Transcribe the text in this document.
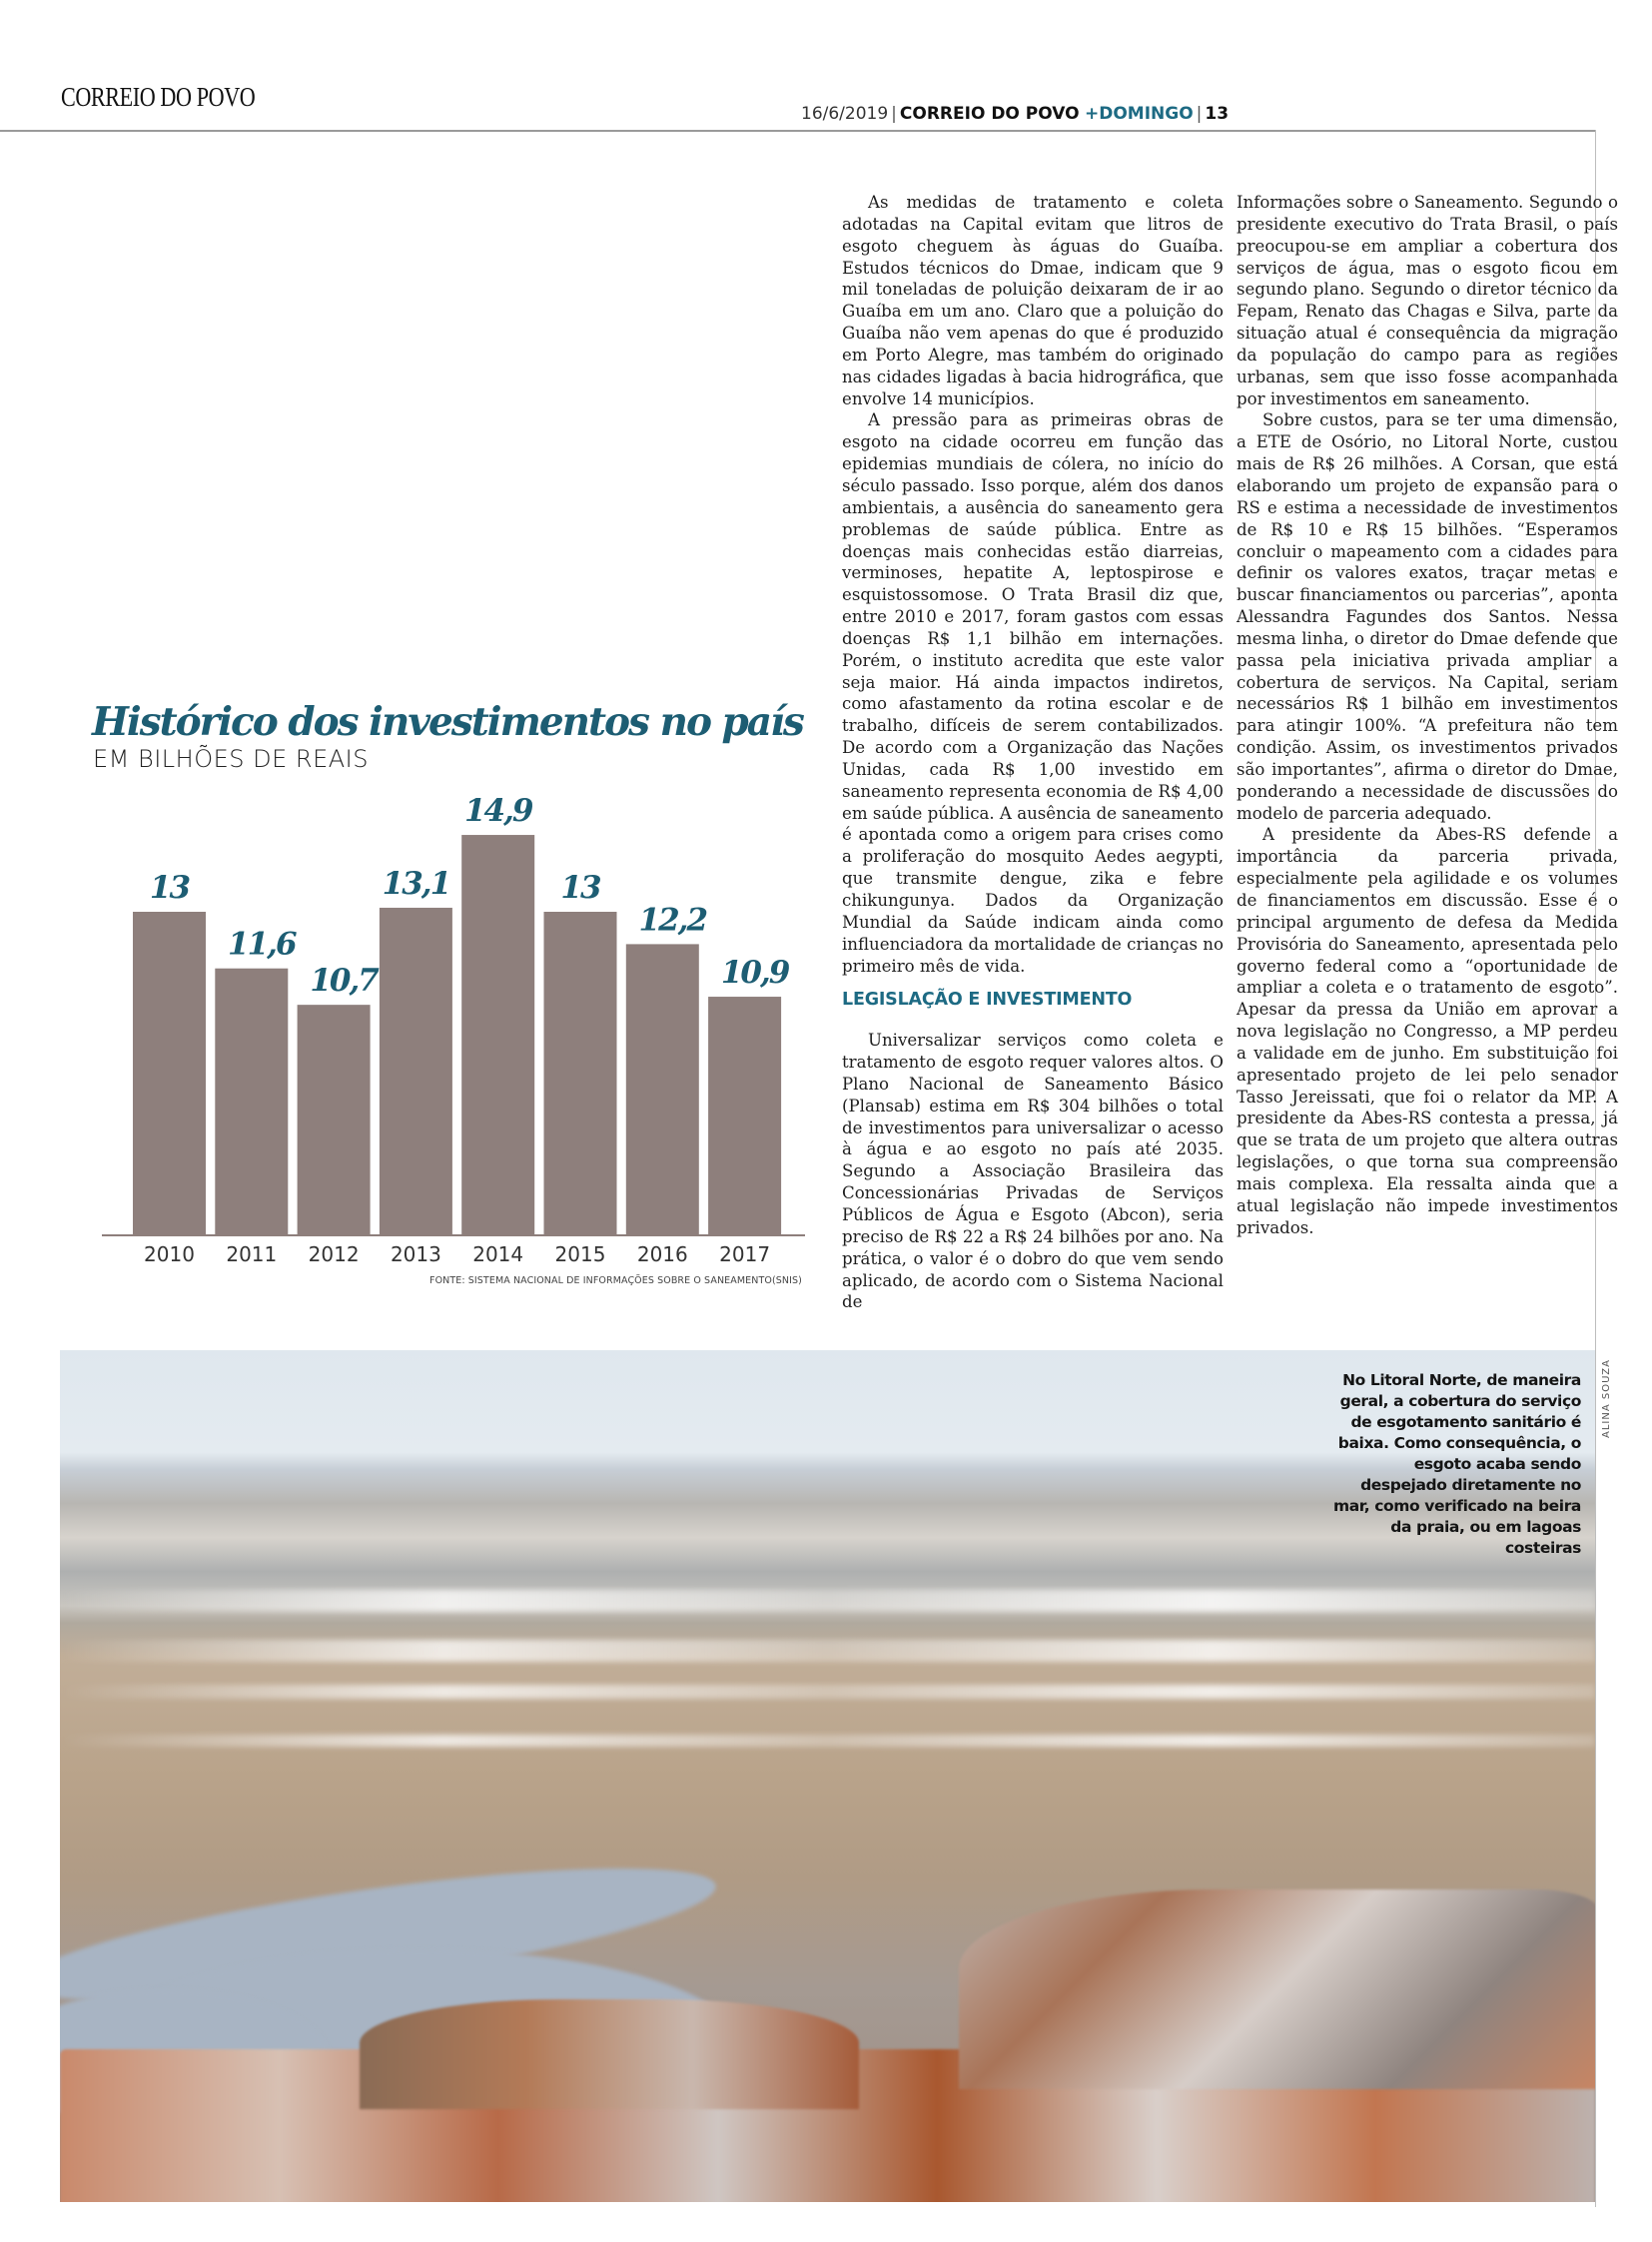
CORREIO DO POVO
16/6/2019 | CORREIO DO POVO +DOMINGO | 13
Histórico dos investimentos no país
EM BILHÕES DE REAIS
13
2010
11,6
2011
10,7
2012
13,1
2013
14,9
2014
13
2015
12,2
2016
10,9
2017
FONTE: SISTEMA NACIONAL DE INFORMAÇÕES SOBRE O SANEAMENTO(SNIS)

As medidas de tratamento e coleta adotadas na Capital evitam que litros de esgoto cheguem às águas do Guaíba. Estudos técnicos do Dmae, indicam que 9 mil toneladas de poluição deixaram de ir ao Guaíba em um ano. Claro que a poluição do Guaíba não vem apenas do que é produzido em Porto Alegre, mas também do originado nas cidades ligadas à bacia hidrográfica, que envolve 14 municípios.

A pressão para as primeiras obras de esgoto na cidade ocorreu em função das epidemias mundiais de cólera, no início do século passado. Isso porque, além dos danos ambientais, a ausência do saneamento gera problemas de saúde pública. Entre as doenças mais conhecidas estão diarreias, verminoses, hepatite A, leptospirose e esquistossomose. O Trata Brasil diz que, entre 2010 e 2017, foram gastos com essas doenças R$ 1,1 bilhão em internações. Porém, o instituto acredita que este valor seja maior. Há ainda impactos indiretos, como afastamento da rotina escolar e de trabalho, difíceis de serem contabilizados. De acordo com a Organização das Nações Unidas, cada R$ 1,00 investido em saneamento representa economia de R$ 4,00 em saúde pública. A ausência de saneamento é apontada como a origem para crises como a proliferação do mosquito Aedes aegypti, que transmite dengue, zika e febre chikungunya. Dados da Organização Mundial da Saúde indicam ainda como influenciadora da mortalidade de crianças no primeiro mês de vida.

LEGISLAÇÃO E INVESTIMENTO

Universalizar serviços como coleta e tratamento de esgoto requer valores altos. O Plano Nacional de Saneamento Básico (Plansab) estima em R$ 304 bilhões o total de investimentos para universalizar o acesso à água e ao esgoto no país até 2035. Segundo a Associação Brasileira das Concessionárias Privadas de Serviços Públicos de Água e Esgoto (Abcon), seria preciso de R$ 22 a R$ 24 bilhões por ano. Na prática, o valor é o dobro do que vem sendo aplicado, de acordo com o Sistema Nacional de

Informações sobre o Saneamento. Segundo o presidente executivo do Trata Brasil, o país preocupou-se em ampliar a cobertura dos serviços de água, mas o esgoto ficou em segundo plano. Segundo o diretor técnico da Fepam, Renato das Chagas e Silva, parte da situação atual é consequência da migração da população do campo para as regiões urbanas, sem que isso fosse acompanhada por investimentos em saneamento.

Sobre custos, para se ter uma dimensão, a ETE de Osório, no Litoral Norte, custou mais de R$ 26 milhões. A Corsan, que está elaborando um projeto de expansão para o RS e estima a necessidade de investimentos de R$ 10 e R$ 15 bilhões. “Esperamos concluir o mapeamento com a cidades para definir os valores exatos, traçar metas e buscar financiamentos ou parcerias”, aponta Alessandra Fagundes dos Santos. Nessa mesma linha, o diretor do Dmae defende que passa pela iniciativa privada ampliar a cobertura de serviços. Na Capital, seriam necessários R$ 1 bilhão em investimentos para atingir 100%. “A prefeitura não tem condição. Assim, os investimentos privados são importantes”, afirma o diretor do Dmae, ponderando a necessidade de discussões do modelo de parceria adequado.

A presidente da Abes-RS defende a importância da parceria privada, especialmente pela agilidade e os volumes de financiamentos em discussão. Esse é o principal argumento de defesa da Medida Provisória do Saneamento, apresentada pelo governo federal como a “oportunidade de ampliar a coleta e o tratamento de esgoto”. Apesar da pressa da União em aprovar a nova legislação no Congresso, a MP perdeu a validade em de junho. Em substituição foi apresentado projeto de lei pelo senador Tasso Jereissati, que foi o relator da MP. A presidente da Abes-RS contesta a pressa, já que se trata de um projeto que altera outras legislações, o que torna sua compreensão mais complexa. Ela ressalta ainda que a atual legislação não impede investimentos privados.

No Litoral Norte, de maneira geral, a cobertura do serviço de esgotamento sanitário é baixa. Como consequência, o esgoto acaba sendo despejado diretamente no mar, como verificado na beira da praia, ou em lagoas costeiras
ALINA SOUZA
